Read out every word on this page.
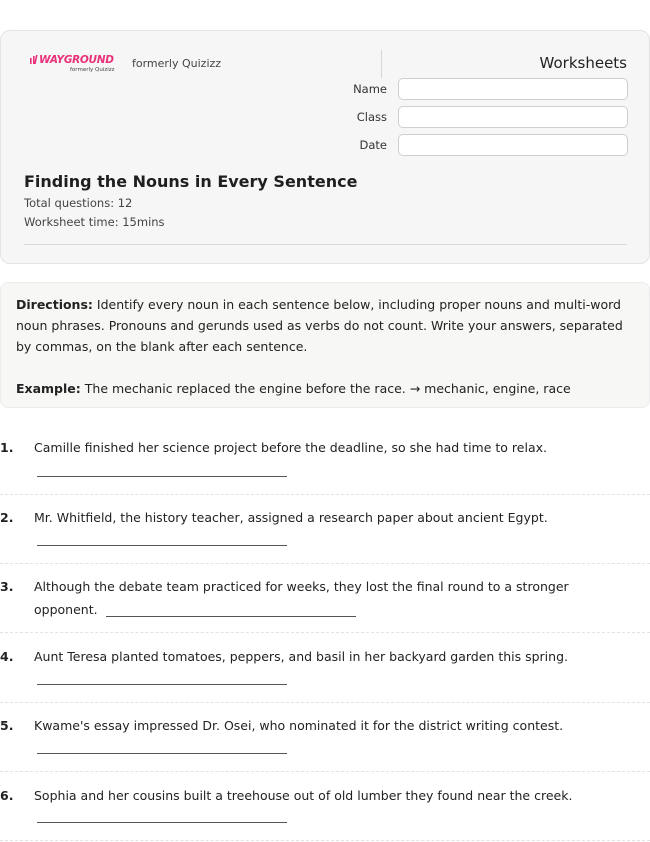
WAYGROUND
formerly Quizizz formerly Quizizz	Worksheets
Name
Class
Date
Finding the Nouns in Every Sentence
Total questions: 12
Worksheet time: 15mins
Directions: Identify every noun in each sentence below, including proper nouns and multi-word noun phrases. Pronouns and gerunds used as verbs do not count. Write your answers, separated by commas, on the blank after each sentence.
Example: The mechanic replaced the engine before the race. → mechanic, engine, race
1. Camille finished her science project before the deadline, so she had time to relax.
2. Mr. Whitfield, the history teacher, assigned a research paper about ancient Egypt.
3. Although the debate team practiced for weeks, they lost the final round to a stronger opponent.
4. Aunt Teresa planted tomatoes, peppers, and basil in her backyard garden this spring.
5. Kwame's essay impressed Dr. Osei, who nominated it for the district writing contest.
6. Sophia and her cousins built a treehouse out of old lumber they found near the creek.
